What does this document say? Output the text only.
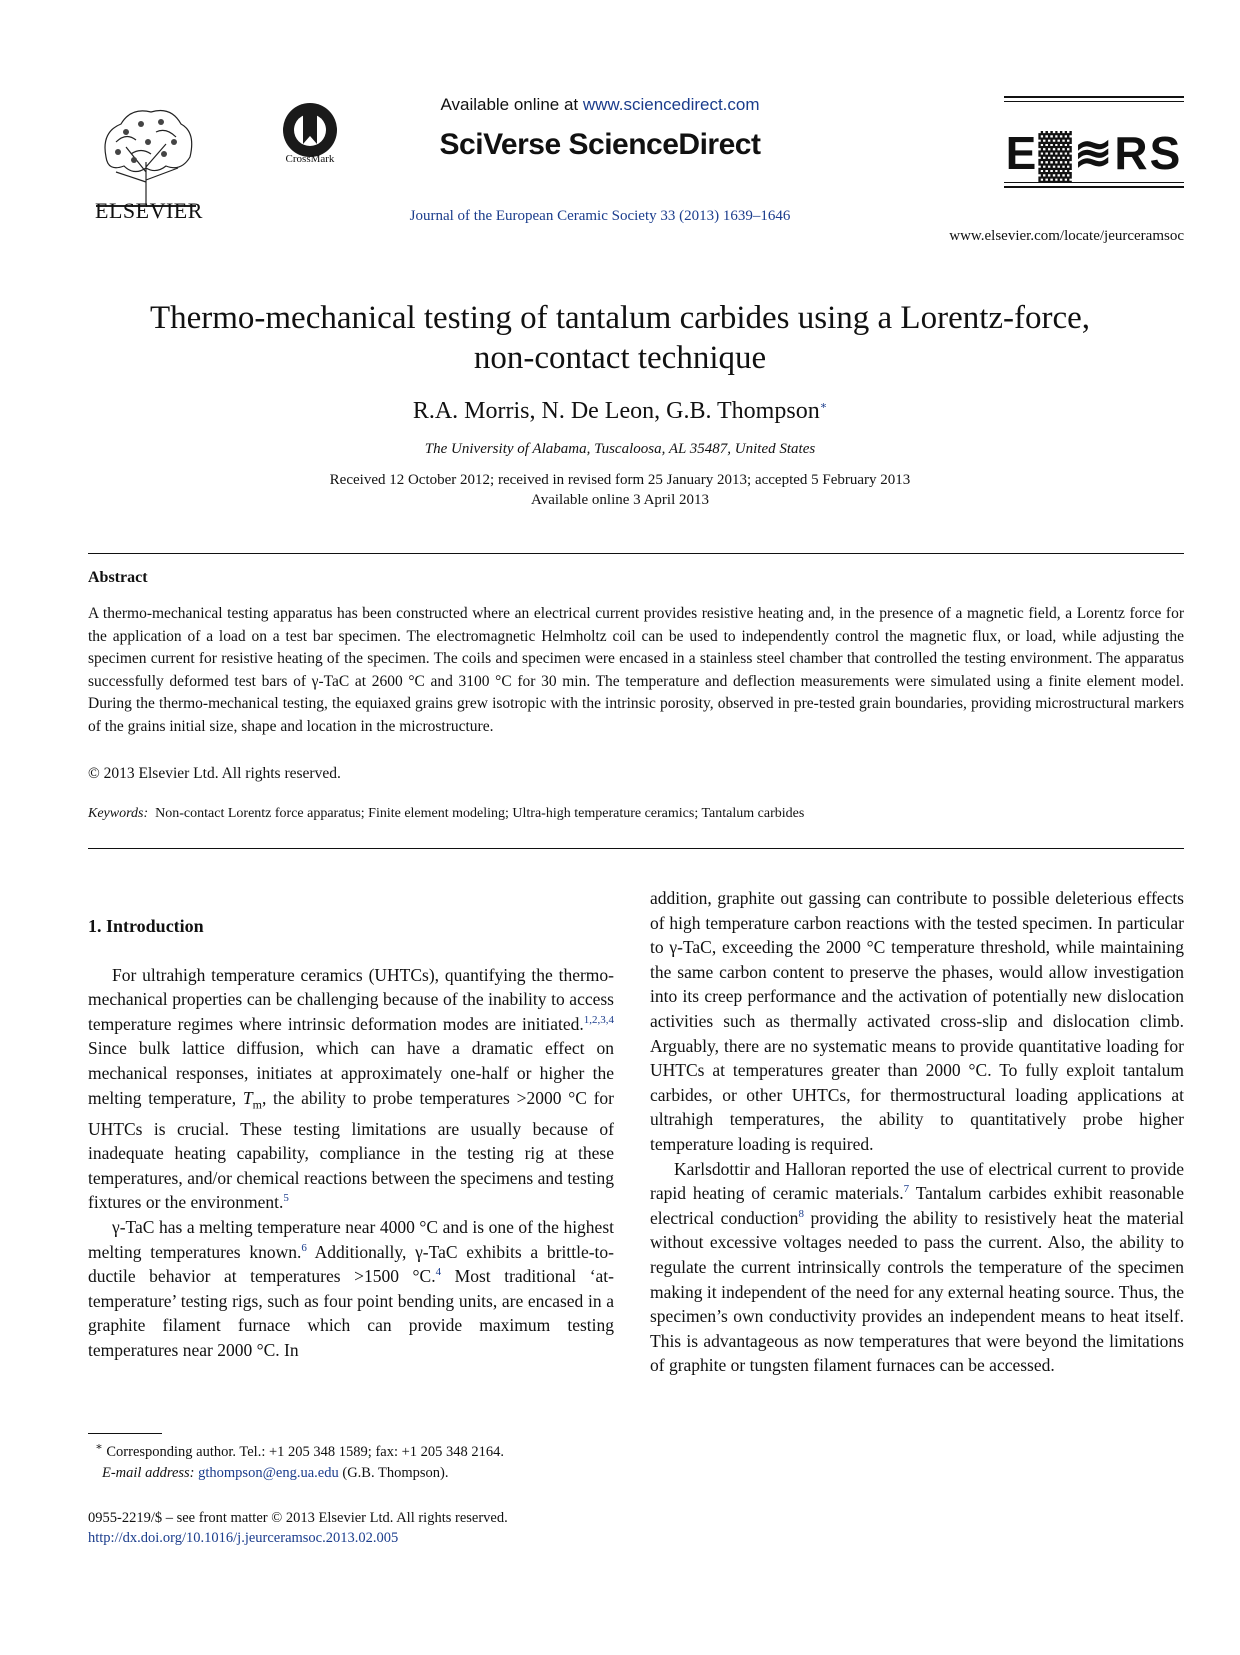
ELSEVIER
CrossMark
Available online at www.sciencedirect.com
SciVerse ScienceDirect
Journal of the European Ceramic Society 33 (2013) 1639–1646
E▓≋RS
www.elsevier.com/locate/jeurceramsoc
Thermo-mechanical testing of tantalum carbides using a Lorentz-force,
non-contact technique
R.A. Morris, N. De Leon, G.B. Thompson∗
The University of Alabama, Tuscaloosa, AL 35487, United States
Received 12 October 2012; received in revised form 25 January 2013; accepted 5 February 2013
Available online 3 April 2013
Abstract
A thermo-mechanical testing apparatus has been constructed where an electrical current provides resistive heating and, in the presence of a magnetic field, a Lorentz force for the application of a load on a test bar specimen. The electromagnetic Helmholtz coil can be used to independently control the magnetic flux, or load, while adjusting the specimen current for resistive heating of the specimen. The coils and specimen were encased in a stainless steel chamber that controlled the testing environment. The apparatus successfully deformed test bars of γ-TaC at 2600 °C and 3100 °C for 30 min. The temperature and deflection measurements were simulated using a finite element model. During the thermo-mechanical testing, the equiaxed grains grew isotropic with the intrinsic porosity, observed in pre-tested grain boundaries, providing microstructural markers of the grains initial size, shape and location in the microstructure.
© 2013 Elsevier Ltd. All rights reserved.
Keywords: Non-contact Lorentz force apparatus; Finite element modeling; Ultra-high temperature ceramics; Tantalum carbides
1. Introduction

For ultrahigh temperature ceramics (UHTCs), quantifying the thermo-mechanical properties can be challenging because of the inability to access temperature regimes where intrinsic deformation modes are initiated.$^{1,2,3,4}$ Since bulk lattice diffusion, which can have a dramatic effect on mechanical responses, initiates at approximately one-half or higher the melting temperature, $T_m$, the ability to probe temperatures >2000 °C for UHTCs is crucial. These testing limitations are usually because of inadequate heating capability, compliance in the testing rig at these temperatures, and/or chemical reactions between the specimens and testing fixtures or the environment.$^5$

γ-TaC has a melting temperature near 4000 °C and is one of the highest melting temperatures known.$^6$ Additionally, γ-TaC exhibits a brittle-to-ductile behavior at temperatures >1500 °C.$^4$ Most traditional ‘at-temperature’ testing rigs, such as four point bending units, are encased in a graphite filament furnace which can provide maximum testing temperatures near 2000 °C. In

addition, graphite out gassing can contribute to possible deleterious effects of high temperature carbon reactions with the tested specimen. In particular to γ-TaC, exceeding the 2000 °C temperature threshold, while maintaining the same carbon content to preserve the phases, would allow investigation into its creep performance and the activation of potentially new dislocation activities such as thermally activated cross-slip and dislocation climb. Arguably, there are no systematic means to provide quantitative loading for UHTCs at temperatures greater than 2000 °C. To fully exploit tantalum carbides, or other UHTCs, for thermostructural loading applications at ultrahigh temperatures, the ability to quantitatively probe higher temperature loading is required.

Karlsdottir and Halloran reported the use of electrical current to provide rapid heating of ceramic materials.$^7$ Tantalum carbides exhibit reasonable electrical conduction$^8$ providing the ability to resistively heat the material without excessive voltages needed to pass the current. Also, the ability to regulate the current intrinsically controls the temperature of the specimen making it independent of the need for any external heating source. Thus, the specimen’s own conductivity provides an independent means to heat itself. This is advantageous as now temperatures that were beyond the limitations of graphite or tungsten filament furnaces can be accessed.

∗ Corresponding author. Tel.: +1 205 348 1589; fax: +1 205 348 2164.
E-mail address: gthompson@eng.ua.edu (G.B. Thompson).
0955-2219/$ – see front matter © 2013 Elsevier Ltd. All rights reserved.
http://dx.doi.org/10.1016/j.jeurceramsoc.2013.02.005
